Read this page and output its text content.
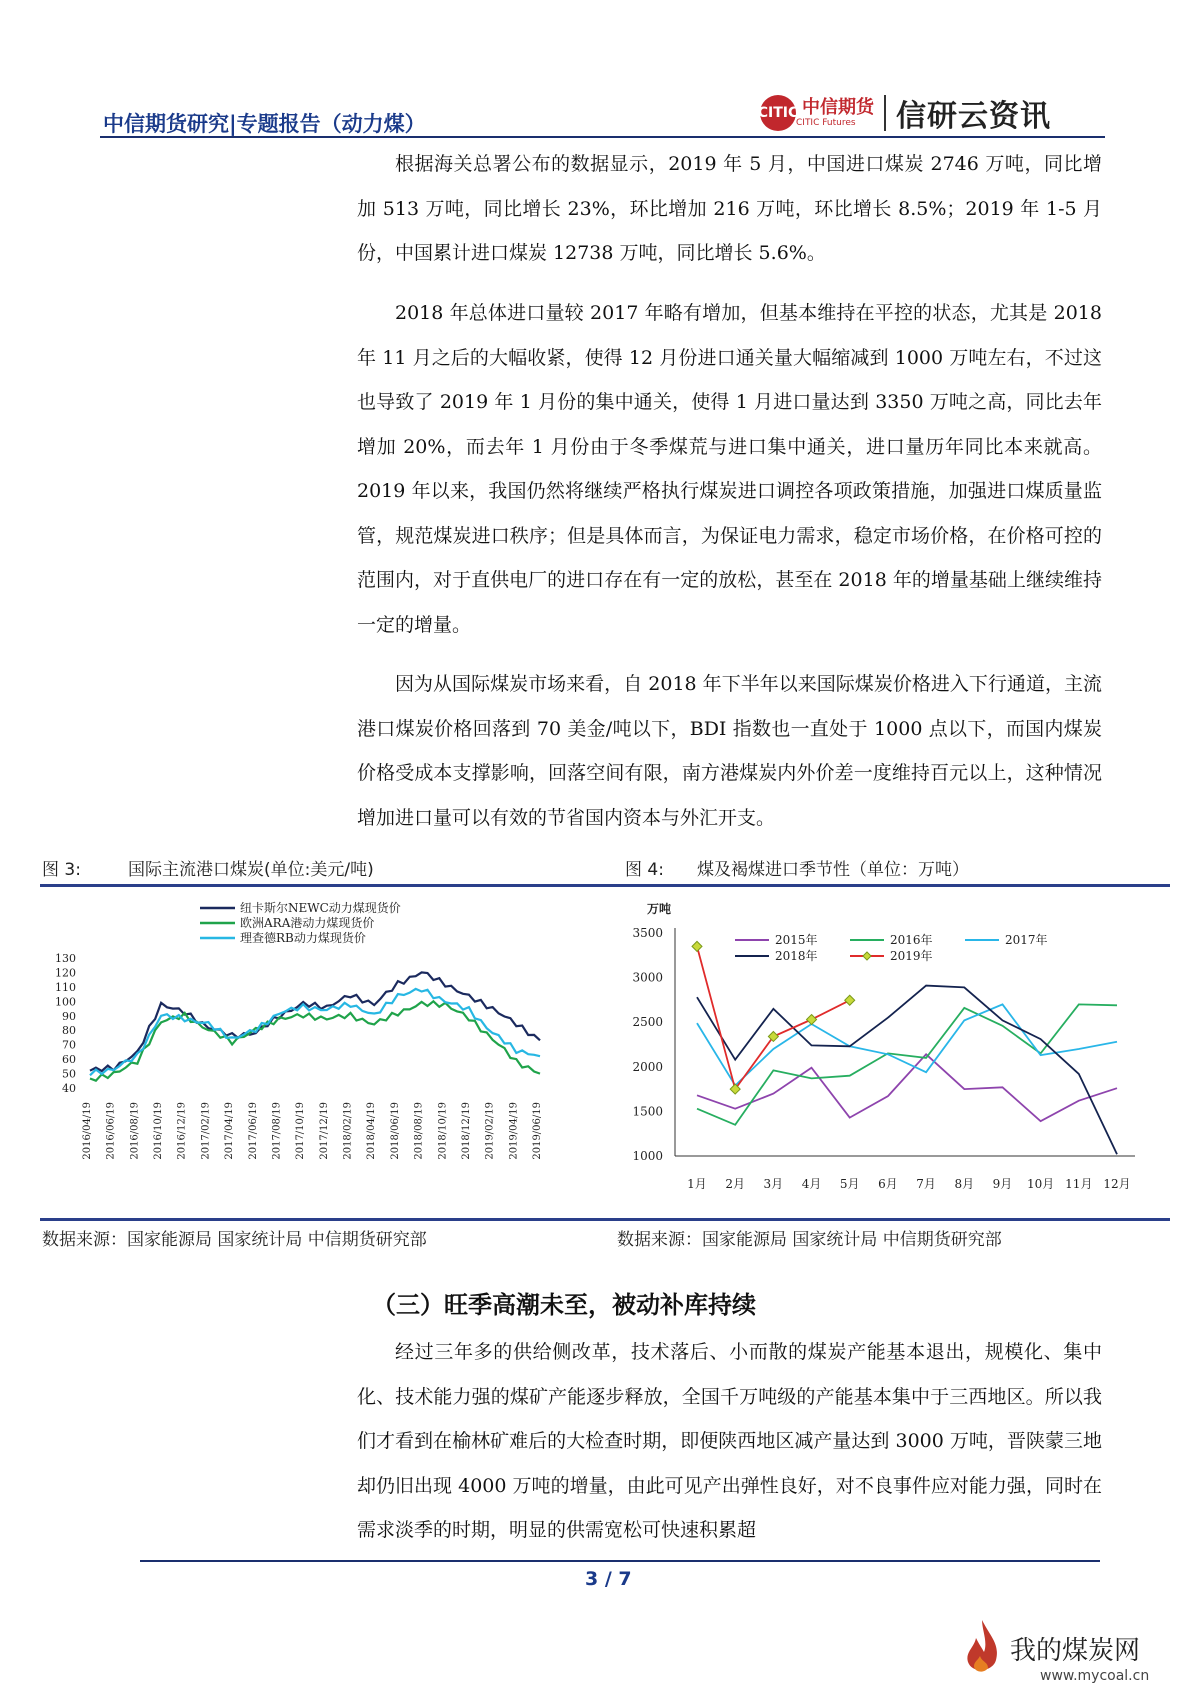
中信期货研究|专题报告（动力煤）	CITIC 中信期货
CITIC Futures	信研云资讯

根据海关总署公布的数据显示，2019 年 5 月，中国进口煤炭 2746 万吨，同比增加 513 万吨，同比增长 23%，环比增加 216 万吨，环比增长 8.5%；2019 年 1-5 月份，中国累计进口煤炭 12738 万吨，同比增长 5.6%。

2018 年总体进口量较 2017 年略有增加，但基本维持在平控的状态，尤其是 2018 年 11 月之后的大幅收紧，使得 12 月份进口通关量大幅缩减到 1000 万吨左右，不过这也导致了 2019 年 1 月份的集中通关，使得 1 月进口量达到 3350 万吨之高，同比去年增加 20%，而去年 1 月份由于冬季煤荒与进口集中通关，进口量历年同比本来就高。2019 年以来，我国仍然将继续严格执行煤炭进口调控各项政策措施，加强进口煤质量监管，规范煤炭进口秩序；但是具体而言，为保证电力需求，稳定市场价格，在价格可控的范围内，对于直供电厂的进口存在有一定的放松，甚至在 2018 年的增量基础上继续维持一定的增量。

因为从国际煤炭市场来看，自 2018 年下半年以来国际煤炭价格进入下行通道，主流港口煤炭价格回落到 70 美金/吨以下，BDI 指数也一直处于 1000 点以下，而国内煤炭价格受成本支撑影响，回落空间有限，南方港煤炭内外价差一度维持百元以上，这种情况增加进口量可以有效的节省国内资本与外汇开支。

图 3:	国际主流港口煤炭(单位:美元/吨)	图 4: 煤及褐煤进口季节性（单位：万吨）
40
50
60
70
80
90
100
110
120
130
2016/04/19 2016/06/19 2016/08/19 2016/10/19 2016/12/19 2017/02/19 2017/04/19 2017/06/19 2017/08/19 2017/10/19 2017/12/19 2018/02/19 2018/04/19 2018/06/19 2018/08/19 2018/10/19 2018/12/19 2019/02/19 2019/04/19 2019/06/19
纽卡斯尔NEWC动力煤现货价
欧洲ARA港动力煤现货价
理查德RB动力煤现货价
万吨
1000
1500
2000
2500
3000
3500
1月 2月 3月 4月 5月 6月 7月 8月 9月 10月 11月 12月
2015年	2016年	2017年
2018年	2019年
数据来源：国家能源局 国家统计局 中信期货研究部	数据来源：国家能源局 国家统计局 中信期货研究部
（三）旺季高潮未至，被动补库持续

经过三年多的供给侧改革，技术落后、小而散的煤炭产能基本退出，规模化、集中化、技术能力强的煤矿产能逐步释放，全国千万吨级的产能基本集中于三西地区。所以我们才看到在榆林矿难后的大检查时期，即便陕西地区减产量达到 3000 万吨，晋陕蒙三地却仍旧出现 4000 万吨的增量，由此可见产出弹性良好，对不良事件应对能力强，同时在需求淡季的时期，明显的供需宽松可快速积累超

3 / 7
我的煤炭网
www.mycoal.cn
